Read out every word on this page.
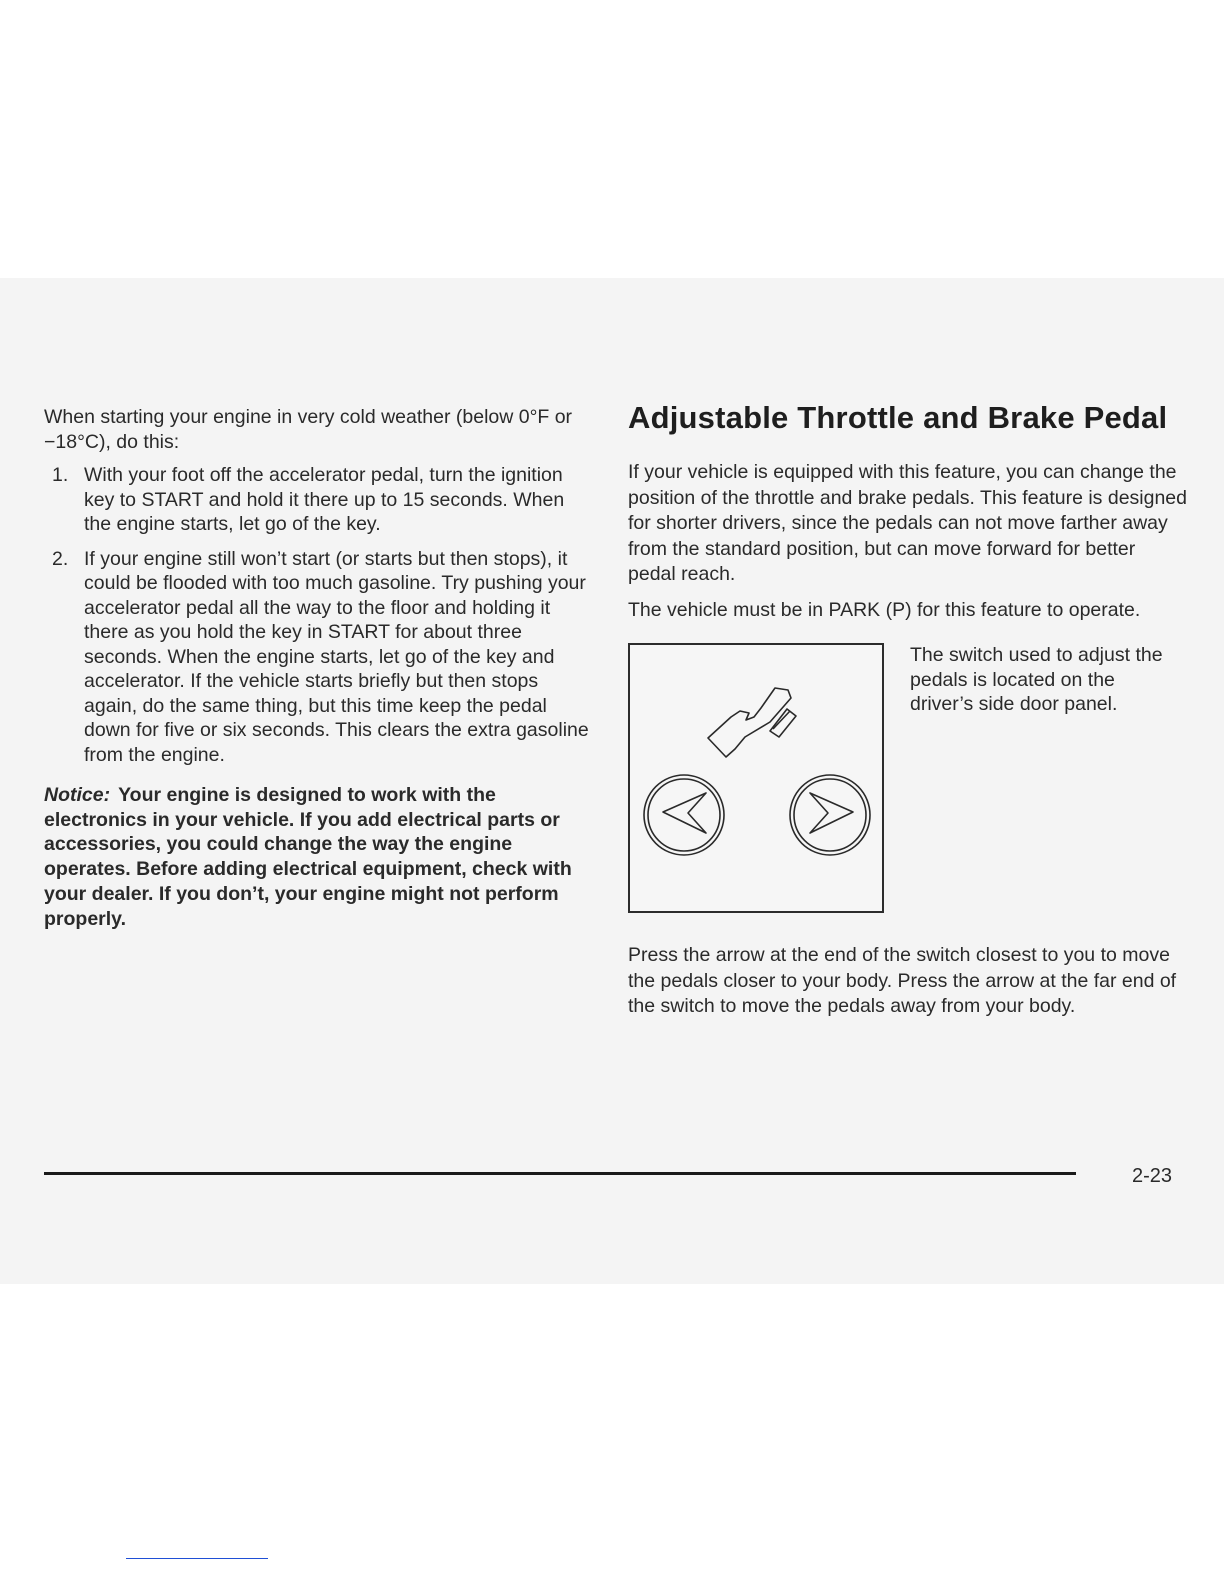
When starting your engine in very cold weather (below 0°F or −18°C), do this:

1. With your foot off the accelerator pedal, turn the ignition key to START and hold it there up to 15 seconds. When the engine starts, let go of the key.
2. If your engine still won’t start (or starts but then stops), it could be flooded with too much gasoline. Try pushing your accelerator pedal all the way to the floor and holding it there as you hold the key in START for about three seconds. When the engine starts, let go of the key and accelerator. If the vehicle starts briefly but then stops again, do the same thing, but this time keep the pedal down for five or six seconds. This clears the extra gasoline from the engine.

Notice: Your engine is designed to work with the electronics in your vehicle. If you add electrical parts or accessories, you could change the way the engine operates. Before adding electrical equipment, check with your dealer. If you don’t, your engine might not perform properly.

Adjustable Throttle and Brake Pedal

If your vehicle is equipped with this feature, you can change the position of the throttle and brake pedals. This feature is designed for shorter drivers, since the pedals can not move farther away from the standard position, but can move forward for better pedal reach.

The vehicle must be in PARK (P) for this feature to operate.

The switch used to adjust the pedals is located on the driver’s side door panel.

Press the arrow at the end of the switch closest to you to move the pedals closer to your body. Press the arrow at the far end of the switch to move the pedals away from your body.

2-23
